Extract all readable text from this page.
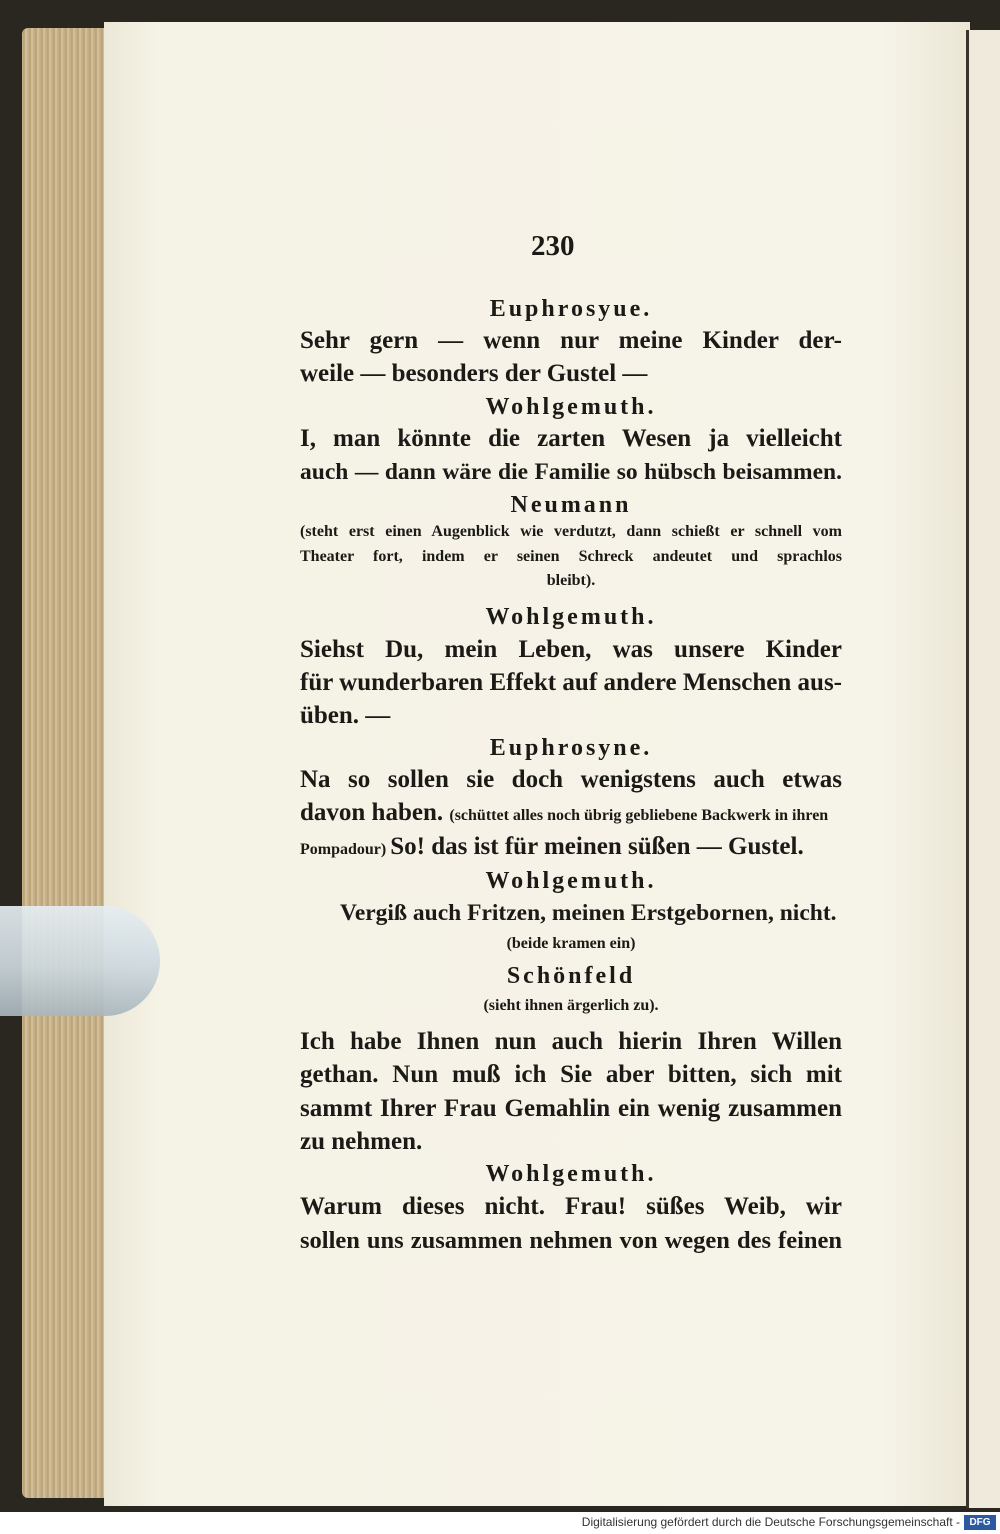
230
Euphrosyue.
Sehr gern — wenn nur meine Kinder der-
weile — besonders der Gustel —
Wohlgemuth.
I, man könnte die zarten Wesen ja vielleicht
auch — dann wäre die Familie so hübsch beisammen.
Neumann
(steht erst einen Augenblick wie verdutzt, dann schießt er schnell vom
Theater fort, indem er seinen Schreck andeutet und sprachlos
bleibt).
Wohlgemuth.
Siehst Du, mein Leben, was unsere Kinder
für wunderbaren Effekt auf andere Menschen aus-
üben. —
Euphrosyne.
Na so sollen sie doch wenigstens auch etwas
davon haben. (schüttet alles noch übrig gebliebene Backwerk in ihren
Pompadour) So! das ist für meinen süßen — Gustel.
Wohlgemuth.
Vergiß auch Fritzen, meinen Erstgebornen, nicht.
(beide kramen ein)
Schönfeld
(sieht ihnen ärgerlich zu).
Ich habe Ihnen nun auch hierin Ihren Willen
gethan. Nun muß ich Sie aber bitten, sich mit
sammt Ihrer Frau Gemahlin ein wenig zusammen
zu nehmen.
Wohlgemuth.
Warum dieses nicht. Frau! süßes Weib, wir
sollen uns zusammen nehmen von wegen des feinen
Digitalisierung gefördert durch die Deutsche Forschungsgemeinschaft - DFG
